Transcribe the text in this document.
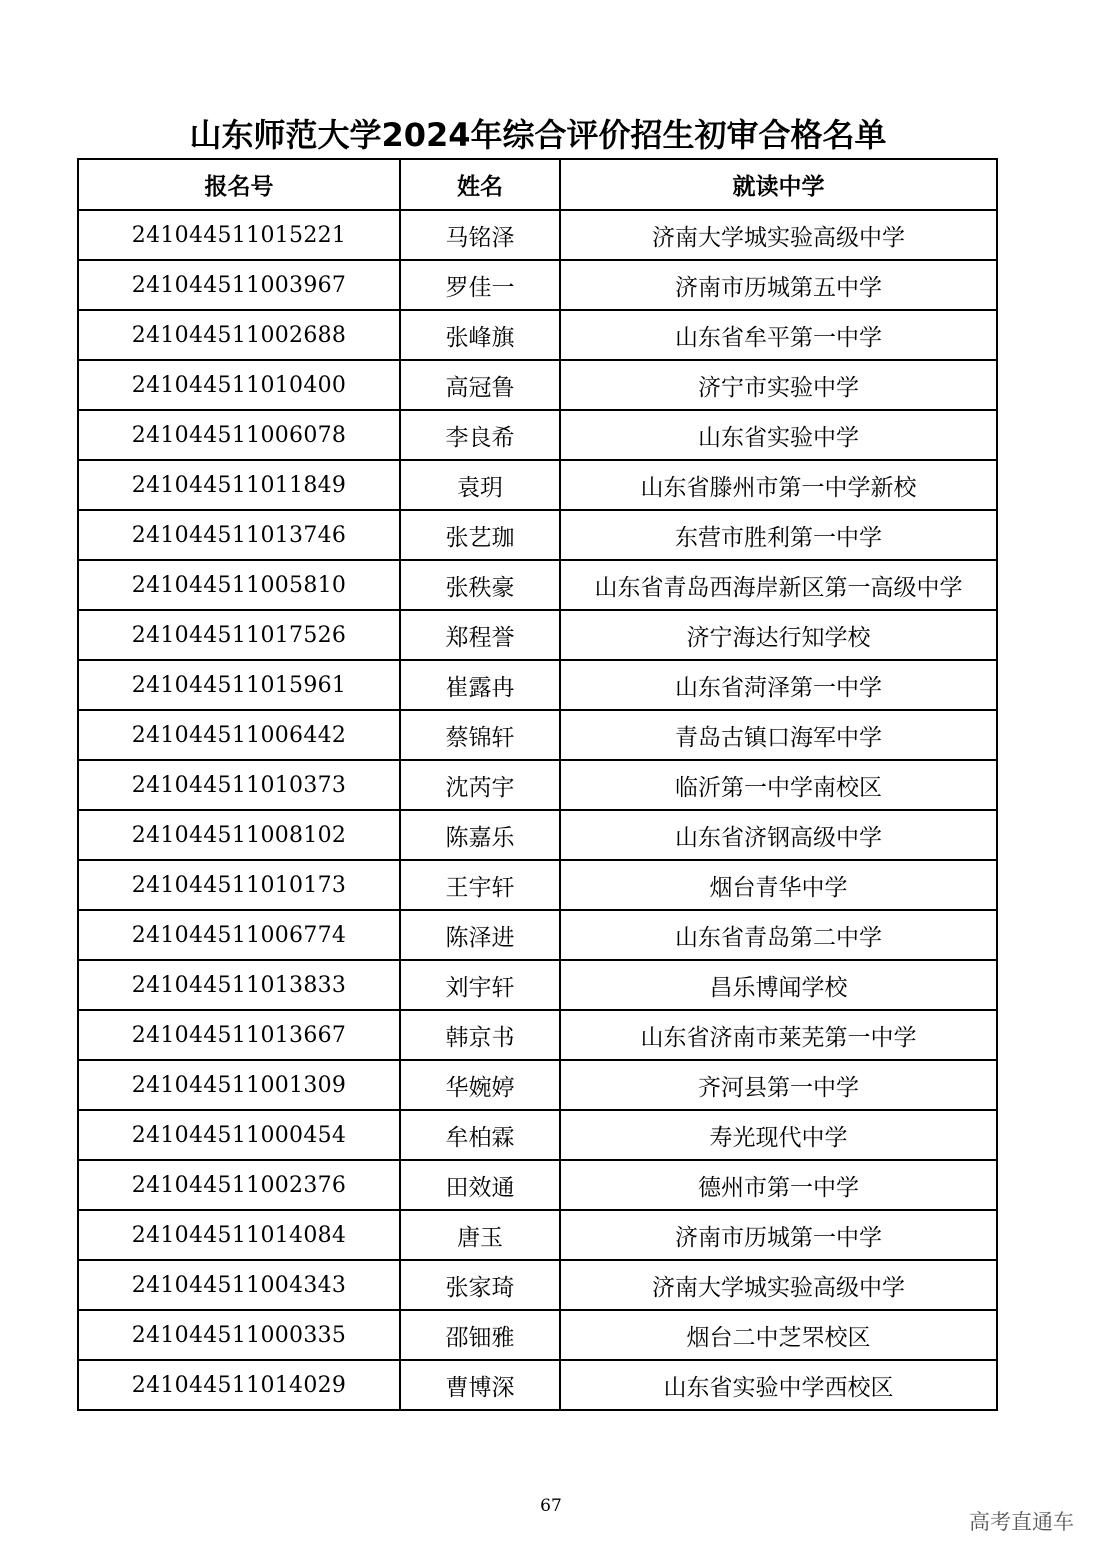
山东师范大学2024年综合评价招生初审合格名单
报名号	姓名	就读中学
241044511015221	马铭泽	济南大学城实验高级中学
241044511003967	罗佳一	济南市历城第五中学
241044511002688	张峰旗	山东省牟平第一中学
241044511010400	高冠鲁	济宁市实验中学
241044511006078	李良希	山东省实验中学
241044511011849	袁玥	山东省滕州市第一中学新校
241044511013746	张艺珈	东营市胜利第一中学
241044511005810	张秩豪	山东省青岛西海岸新区第一高级中学
241044511017526	郑程誉	济宁海达行知学校
241044511015961	崔露冉	山东省菏泽第一中学
241044511006442	蔡锦轩	青岛古镇口海军中学
241044511010373	沈芮宇	临沂第一中学南校区
241044511008102	陈嘉乐	山东省济钢高级中学
241044511010173	王宇轩	烟台青华中学
241044511006774	陈泽进	山东省青岛第二中学
241044511013833	刘宇轩	昌乐博闻学校
241044511013667	韩京书	山东省济南市莱芜第一中学
241044511001309	华婉婷	齐河县第一中学
241044511000454	牟柏霖	寿光现代中学
241044511002376	田效通	德州市第一中学
241044511014084	唐玉	济南市历城第一中学
241044511004343	张家琦	济南大学城实验高级中学
241044511000335	邵钿雅	烟台二中芝罘校区
241044511014029	曹博深	山东省实验中学西校区
67
高考直通车
